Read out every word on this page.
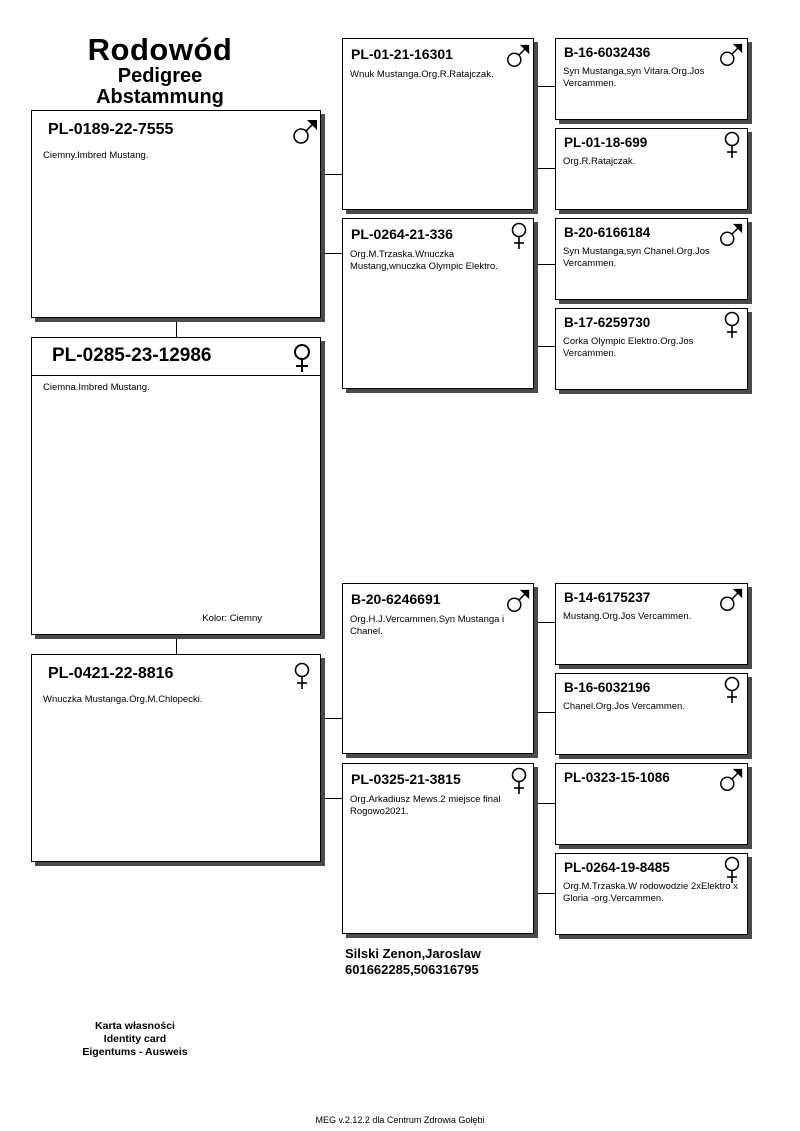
Rodowód
Pedigree
Abstammung
PL-0189-22-7555
Ciemny.Imbred Mustang.
PL-0285-23-12986
Ciemna.Imbred Mustang.
Kolor: Ciemny
PL-0421-22-8816
Wnuczka Mustanga.Org.M.Chlopecki.
PL-01-21-16301
Wnuk Mustanga.Org.R.Ratajczak.
PL-0264-21-336
Org.M.Trzaska.Wnuczka Mustang,wnuczka Olympic Elektro.
B-20-6246691
Org.H.J.Vercammen.Syn Mustanga i Chanel.
PL-0325-21-3815
Org.Arkadiusz Mews.2 miejsce final Rogowo2021.
B-16-6032436
Syn Mustanga,syn Vitara.Org.Jos Vercammen.
PL-01-18-699
Org.R.Ratajczak.
B-20-6166184
Syn Mustanga,syn Chanel.Org.Jos Vercammen.
B-17-6259730
Corka Olympic Elektro.Org.Jos Vercammen.
B-14-6175237
Mustang.Org.Jos Vercammen.
B-16-6032196
Chanel.Org.Jos Vercammen.
PL-0323-15-1086
PL-0264-19-8485
Org.M.Trzaska.W rodowodzie 2xElektro x Gloria -org.Vercammen.
Silski Zenon,Jaroslaw
601662285,506316795
Karta własności
Identity card
Eigentums - Ausweis
MEG v.2.12.2 dla Centrum Zdrowia Gołębi
